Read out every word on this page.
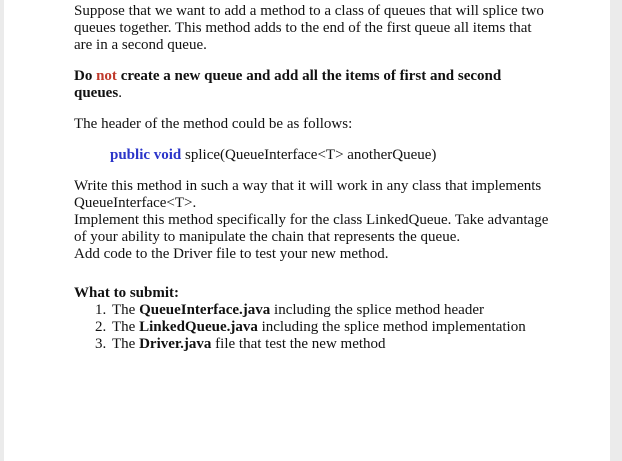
Suppose that we want to add a method to a class of queues that will splice two queues together. This method adds to the end of the first queue all items that are in a second queue.

Do not create a new queue and add all the items of first and second queues.

The header of the method could be as follows:

public void splice(QueueInterface<T> anotherQueue)

Write this method in such a way that it will work in any class that implements QueueInterface<T>.

Implement this method specifically for the class LinkedQueue. Take advantage of your ability to manipulate the chain that represents the queue.

Add code to the Driver file to test your new method.

What to submit:

1. The QueueInterface.java including the splice method header
2. The LinkedQueue.java including the splice method implementation
3. The Driver.java file that test the new method
